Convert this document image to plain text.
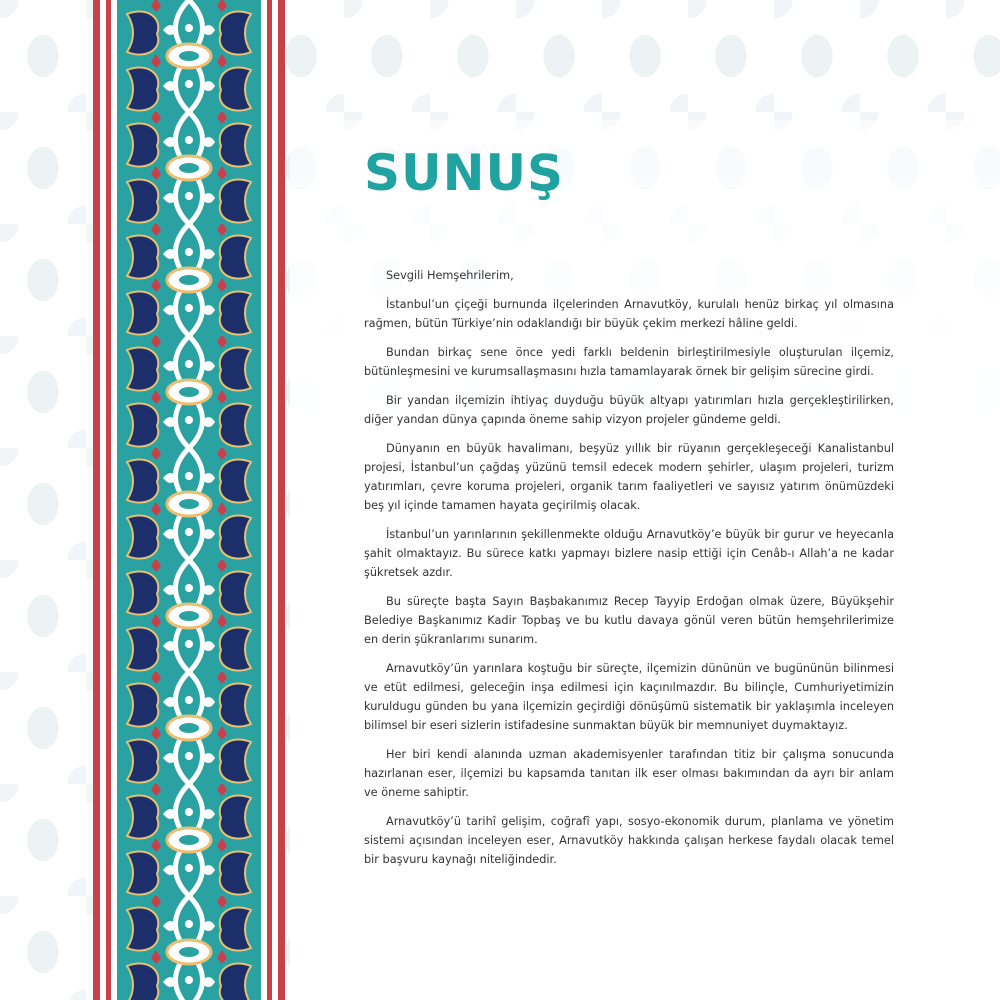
SUNUŞ

Sevgili Hemşehrilerim,

İstanbul’un çiçeği burnunda ilçelerinden Arnavutköy, kurulalı henüz birkaç yıl olmasına rağmen, bütün Türkiye’nin odaklandığı bir büyük çekim merkezi hâline geldi.

Bundan birkaç sene önce yedi farklı beldenin birleştirilmesiyle oluşturulan ilçemiz, bütünleşmesini ve kurumsallaşmasını hızla tamamlayarak örnek bir gelişim sürecine girdi.

Bir yandan ilçemizin ihtiyaç duyduğu büyük altyapı yatırımları hızla gerçekleştirilirken, diğer yandan dünya çapında öneme sahip vizyon projeler gündeme geldi.

Dünyanın en büyük havalimanı, beşyüz yıllık bir rüyanın gerçekleşeceği Kanalistanbul projesi, İstanbul’un çağdaş yüzünü temsil edecek modern şehirler, ulaşım projeleri, turizm yatırımları, çevre koruma projeleri, organik tarım faaliyetleri ve sayısız yatırım önümüzdeki beş yıl içinde tamamen hayata geçirilmiş olacak.

İstanbul’un yarınlarının şekillenmekte olduğu Arnavutköy’e büyük bir gurur ve heyecanla şahit olmaktayız. Bu sürece katkı yapmayı bizlere nasip ettiği için Cenâb-ı Allah’a ne kadar şükretsek azdır.

Bu süreçte başta Sayın Başbakanımız Recep Tayyip Erdoğan olmak üzere, Büyükşehir Belediye Başkanımız Kadir Topbaş ve bu kutlu davaya gönül veren bütün hemşehrilerimize en derin şükranlarımı sunarım.

Arnavutköy’ün yarınlara koştuğu bir süreçte, ilçemizin dününün ve bugününün bilinmesi ve etüt edilmesi, geleceğin inşa edilmesi için kaçınılmazdır. Bu bilinçle, Cumhuriyetimizin kuruldugu günden bu yana ilçemizin geçirdiği dönüşümü sistematik bir yaklaşımla inceleyen bilimsel bir eseri sizlerin istifadesine sunmaktan büyük bir memnuniyet duymaktayız.

Her biri kendi alanında uzman akademisyenler tarafından titiz bir çalışma sonucunda hazırlanan eser, ilçemizi bu kapsamda tanıtan ilk eser olması bakımından da ayrı bir anlam ve öneme sahiptir.

Arnavutköy’ü tarihî gelişim, coğrafî yapı, sosyo-ekonomik durum, planlama ve yönetim sistemi açısından inceleyen eser, Arnavutköy hakkında çalışan herkese faydalı olacak temel bir başvuru kaynağı niteliğindedir.
